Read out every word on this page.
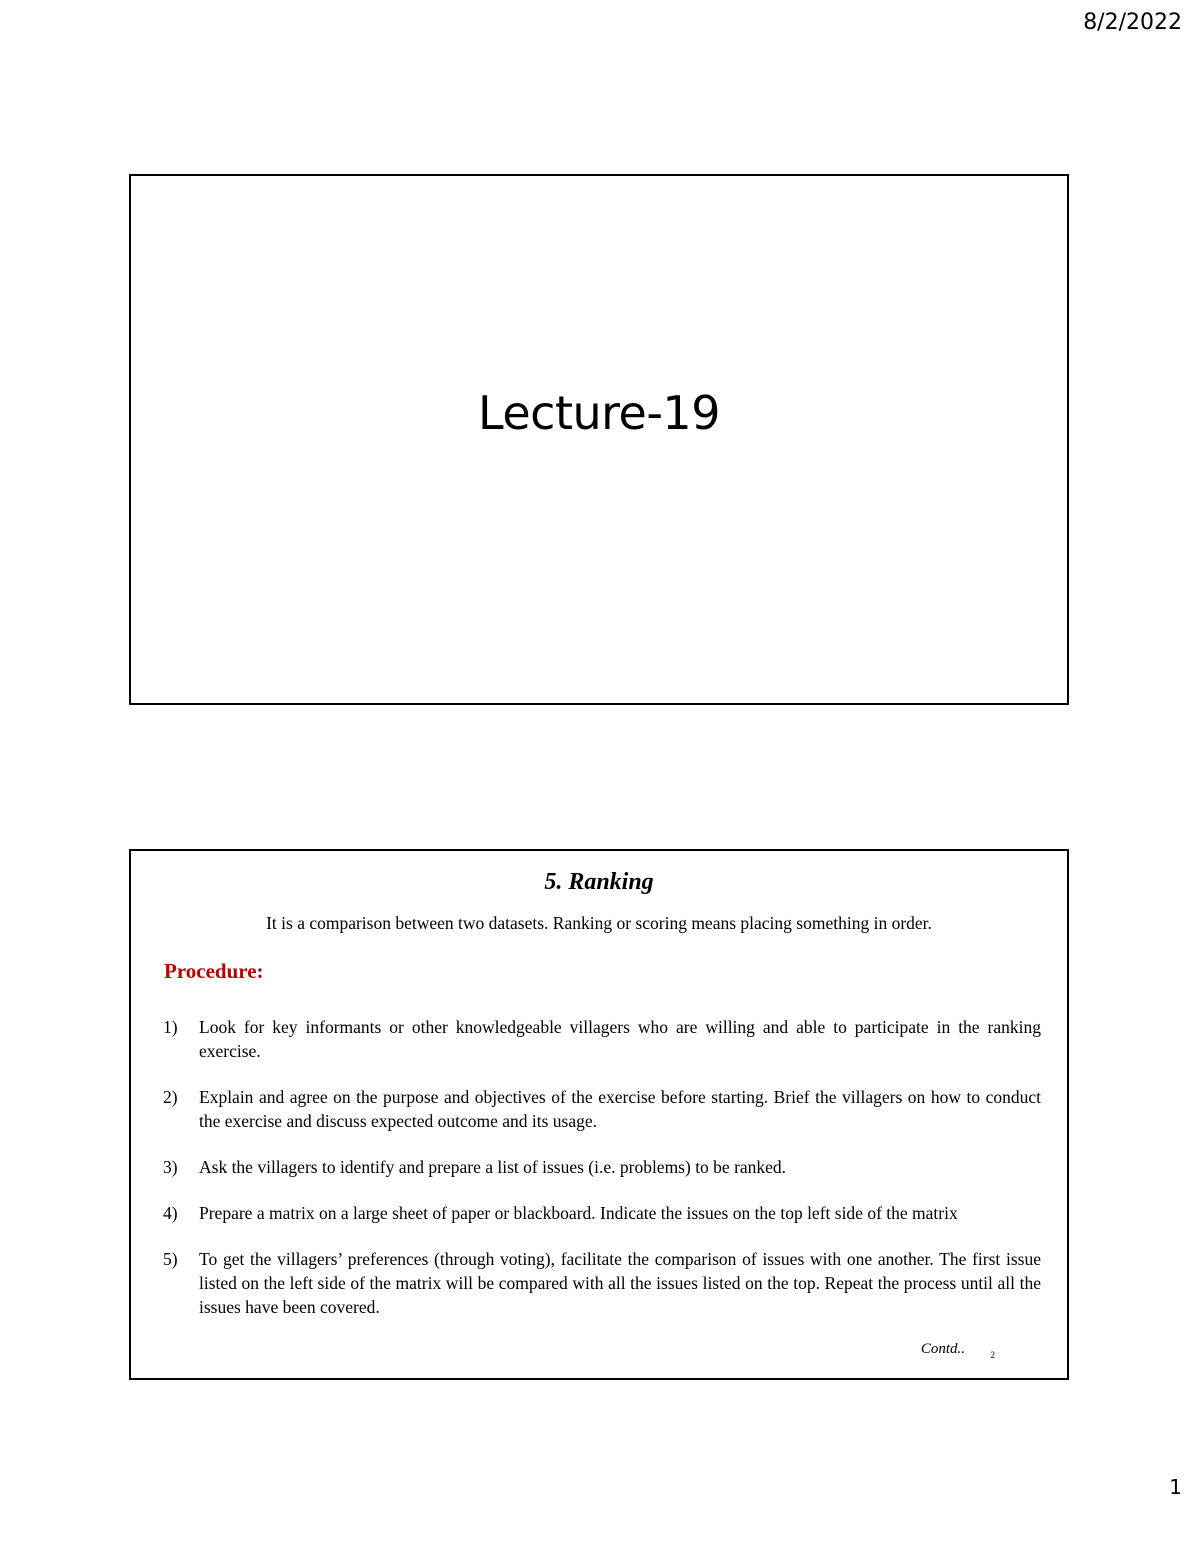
8/2/2022
Lecture-19
5. Ranking
It is a comparison between two datasets. Ranking or scoring means placing something in order.
Procedure:
1) Look for key informants or other knowledgeable villagers who are willing and able to participate in the ranking exercise.
2) Explain and agree on the purpose and objectives of the exercise before starting. Brief the villagers on how to conduct the exercise and discuss expected outcome and its usage.
3) Ask the villagers to identify and prepare a list of issues (i.e. problems) to be ranked.
4) Prepare a matrix on a large sheet of paper or blackboard. Indicate the issues on the top left side of the matrix
5) To get the villagers’ preferences (through voting), facilitate the comparison of issues with one another. The first issue listed on the left side of the matrix will be compared with all the issues listed on the top. Repeat the process until all the issues have been covered.
Contd..	2
1
